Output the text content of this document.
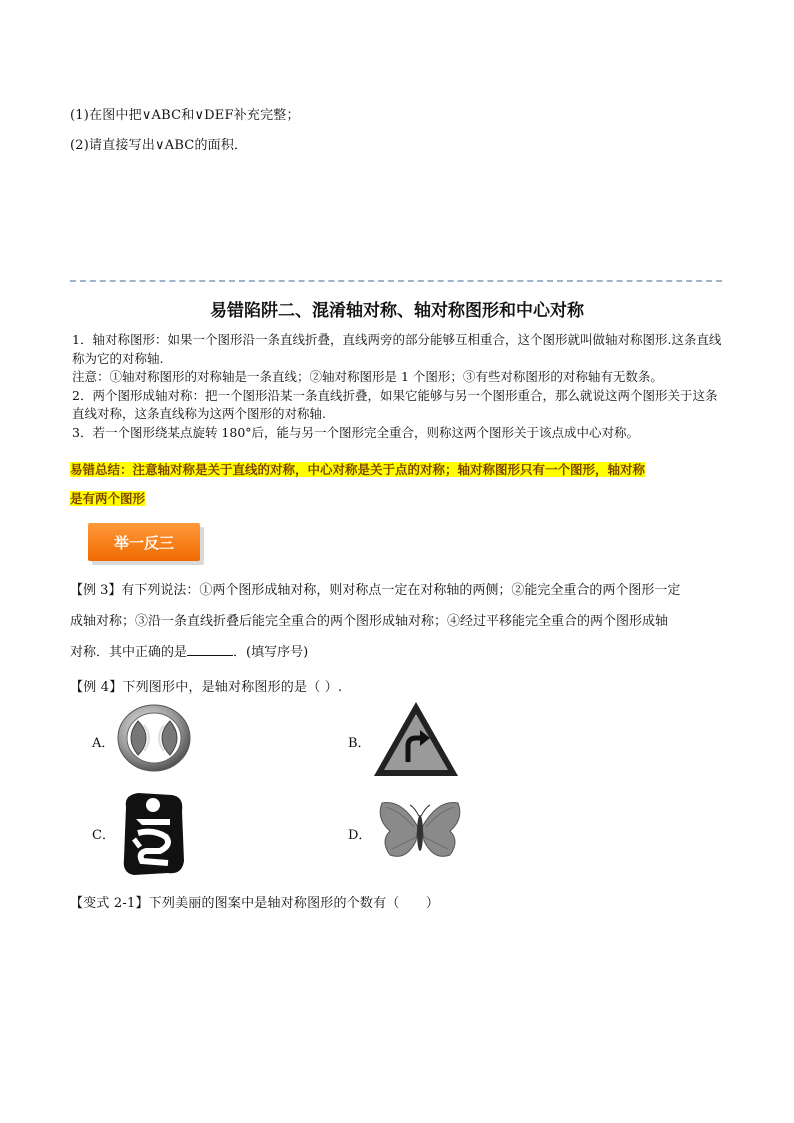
(1)在图中把∨ABC和∨DEF补充完整；
(2)请直接写出∨ABC的面积．
易错陷阱二、混淆轴对称、轴对称图形和中心对称

1．轴对称图形：如果一个图形沿一条直线折叠，直线两旁的部分能够互相重合，这个图形就叫做轴对称图形.这条直线称为它的对称轴.

注意：①轴对称图形的对称轴是一条直线；②轴对称图形是 1 个图形；③有些对称图形的对称轴有无数条。

2．两个图形成轴对称：把一个图形沿某一条直线折叠，如果它能够与另一个图形重合，那么就说这两个图形关于这条直线对称，这条直线称为这两个图形的对称轴.

3．若一个图形绕某点旋转 180°后，能与另一个图形完全重合，则称这两个图形关于该点成中心对称。

易错总结：注意轴对称是关于直线的对称，中心对称是关于点的对称；轴对称图形只有一个图形，轴对称
是有两个图形
举一反三

【例 3】有下列说法：①两个图形成轴对称，则对称点一定在对称轴的两侧；②能完全重合的两个图形一定

成轴对称；③沿一条直线折叠后能完全重合的两个图形成轴对称；④经过平移能完全重合的两个图形成轴

对称．其中正确的是	．(填写序号)

【例 4】下列图形中，是轴对称图形的是（ ）.
A．	B．
C．	D．
【变式 2-1】下列美丽的图案中是轴对称图形的个数有（　　）
